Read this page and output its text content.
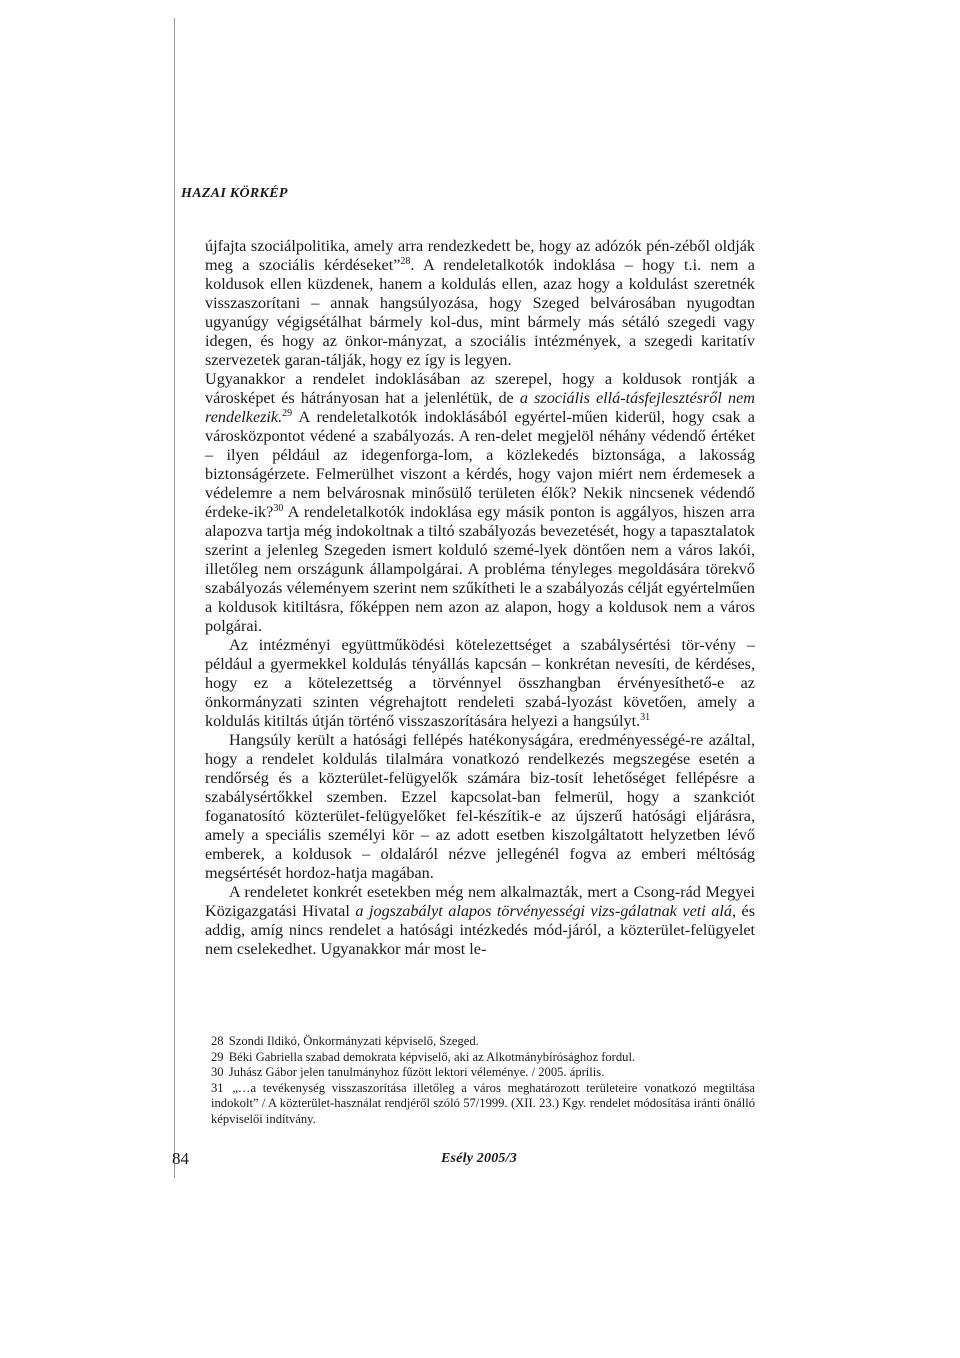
HAZAI KÖRKÉP

újfajta szociálpolitika, amely arra rendezkedett be, hogy az adózók pén-zéből oldják meg a szociális kérdéseket”$^{28}$. A rendeletalkotók indoklása – hogy t.i. nem a koldusok ellen küzdenek, hanem a koldulás ellen, azaz hogy a koldulást szeretnék visszaszorítani – annak hangsúlyozása, hogy Szeged belvárosában nyugodtan ugyanúgy végigsétálhat bármely kol-dus, mint bármely más sétáló szegedi vagy idegen, és hogy az önkor-mányzat, a szociális intézmények, a szegedi karitatív szervezetek garan-tálják, hogy ez így is legyen.

Ugyanakkor a rendelet indoklásában az szerepel, hogy a koldusok rontják a városképet és hátrányosan hat a jelenlétük, de a szociális ellá-tásfejlesztésről nem rendelkezik.$^{29}$ A rendeletalkotók indoklásából egyértel-műen kiderül, hogy csak a városközpontot védené a szabályozás. A ren-delet megjelöl néhány védendő értéket – ilyen például az idegenforga-lom, a közlekedés biztonsága, a lakosság biztonságérzete. Felmerülhet viszont a kérdés, hogy vajon miért nem érdemesek a védelemre a nem belvárosnak minősülő területen élők? Nekik nincsenek védendő érdeke-ik?$^{30}$ A rendeletalkotók indoklása egy másik ponton is aggályos, hiszen arra alapozva tartja még indokoltnak a tiltó szabályozás bevezetését, hogy a tapasztalatok szerint a jelenleg Szegeden ismert kolduló szemé-lyek döntően nem a város lakói, illetőleg nem országunk állampolgárai. A probléma tényleges megoldására törekvő szabályozás véleményem szerint nem szűkítheti le a szabályozás célját egyértelműen a koldusok kitiltásra, főképpen nem azon az alapon, hogy a koldusok nem a város polgárai.

Az intézményi együttműködési kötelezettséget a szabálysértési tör-vény – például a gyermekkel koldulás tényállás kapcsán – konkrétan nevesíti, de kérdéses, hogy ez a kötelezettség a törvénnyel összhangban érvényesíthető-e az önkormányzati szinten végrehajtott rendeleti szabá-lyozást követően, amely a koldulás kitiltás útján történő visszaszorítására helyezi a hangsúlyt.$^{31}$

Hangsúly került a hatósági fellépés hatékonyságára, eredményességé-re azáltal, hogy a rendelet koldulás tilalmára vonatkozó rendelkezés megszegése esetén a rendőrség és a közterület-felügyelők számára biz-tosít lehetőséget fellépésre a szabálysértőkkel szemben. Ezzel kapcsolat-ban felmerül, hogy a szankciót foganatosító közterület-felügyelőket fel-készítik-e az újszerű hatósági eljárásra, amely a speciális személyi kör – az adott esetben kiszolgáltatott helyzetben lévő emberek, a koldusok – oldaláról nézve jellegénél fogva az emberi méltóság megsértését hordoz-hatja magában.

A rendeletet konkrét esetekben még nem alkalmazták, mert a Csong-rád Megyei Közigazgatási Hivatal a jogszabályt alapos törvényességi vizs-gálatnak veti alá, és addig, amíg nincs rendelet a hatósági intézkedés mód-járól, a közterület-felügyelet nem cselekedhet. Ugyanakkor már most le-

28 Szondi Ildikó, Önkormányzati képviselő, Szeged.

29 Béki Gabriella szabad demokrata képviselő, aki az Alkotmánybírósághoz fordul.

30 Juhász Gábor jelen tanulmányhoz fűzött lektori véleménye. / 2005. április.

31 „…a tevékenység visszaszorítása illetőleg a város meghatározott területeire vonatkozó megtiltása indokolt” / A közterület-használat rendjéről szóló 57/1999. (XII. 23.) Kgy. rendelet módosítása iránti önálló képviselői indítvány.

84	Esély 2005/3
